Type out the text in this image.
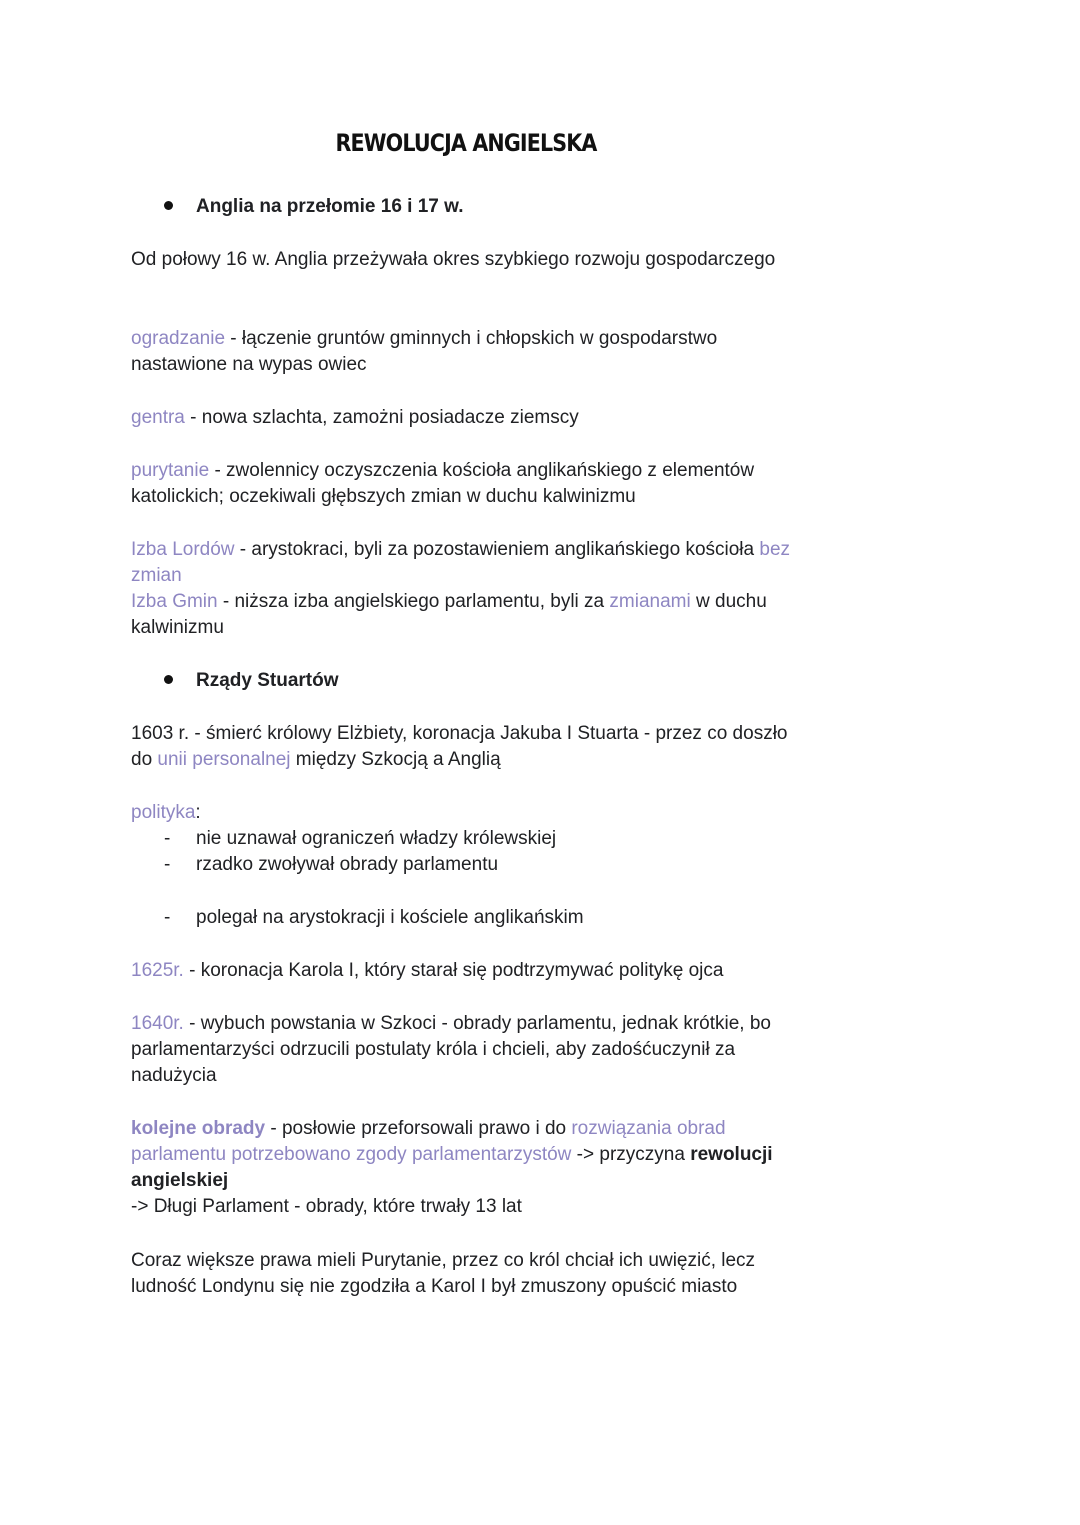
REWOLUCJA ANGIELSKA
Anglia na przełomie 16 i 17 w.

Od połowy 16 w. Anglia przeżywała okres szybkiego rozwoju gospodarczego

ogradzanie - łączenie gruntów gminnych i chłopskich w gospodarstwo nastawione na wypas owiec

gentra - nowa szlachta, zamożni posiadacze ziemscy

purytanie - zwolennicy oczyszczenia kościoła anglikańskiego z elementów katolickich; oczekiwali głębszych zmian w duchu kalwinizmu

Izba Lordów - arystokraci, byli za pozostawieniem anglikańskiego kościoła bez zmian

Izba Gmin - niższa izba angielskiego parlamentu, byli za zmianami w duchu kalwinizmu

Rządy Stuartów

1603 r. - śmierć królowy Elżbiety, koronacja Jakuba I Stuarta - przez co doszło do unii personalnej między Szkocją a Anglią

polityka:

- nie uznawał ograniczeń władzy królewskiej
- rzadko zwoływał obrady parlamentu
- polegał na arystokracji i kościele anglikańskim

1625r. - koronacja Karola I, który starał się podtrzymywać politykę ojca

1640r. - wybuch powstania w Szkoci - obrady parlamentu, jednak krótkie, bo parlamentarzyści odrzucili postulaty króla i chcieli, aby zadośćuczynił za nadużycia

kolejne obrady - posłowie przeforsowali prawo i do rozwiązania obrad parlamentu potrzebowano zgody parlamentarzystów -> przyczyna rewolucji angielskiej
-> Długi Parlament - obrady, które trwały 13 lat

Coraz większe prawa mieli Purytanie, przez co król chciał ich uwięzić, lecz ludność Londynu się nie zgodziła a Karol I był zmuszony opuścić miasto
